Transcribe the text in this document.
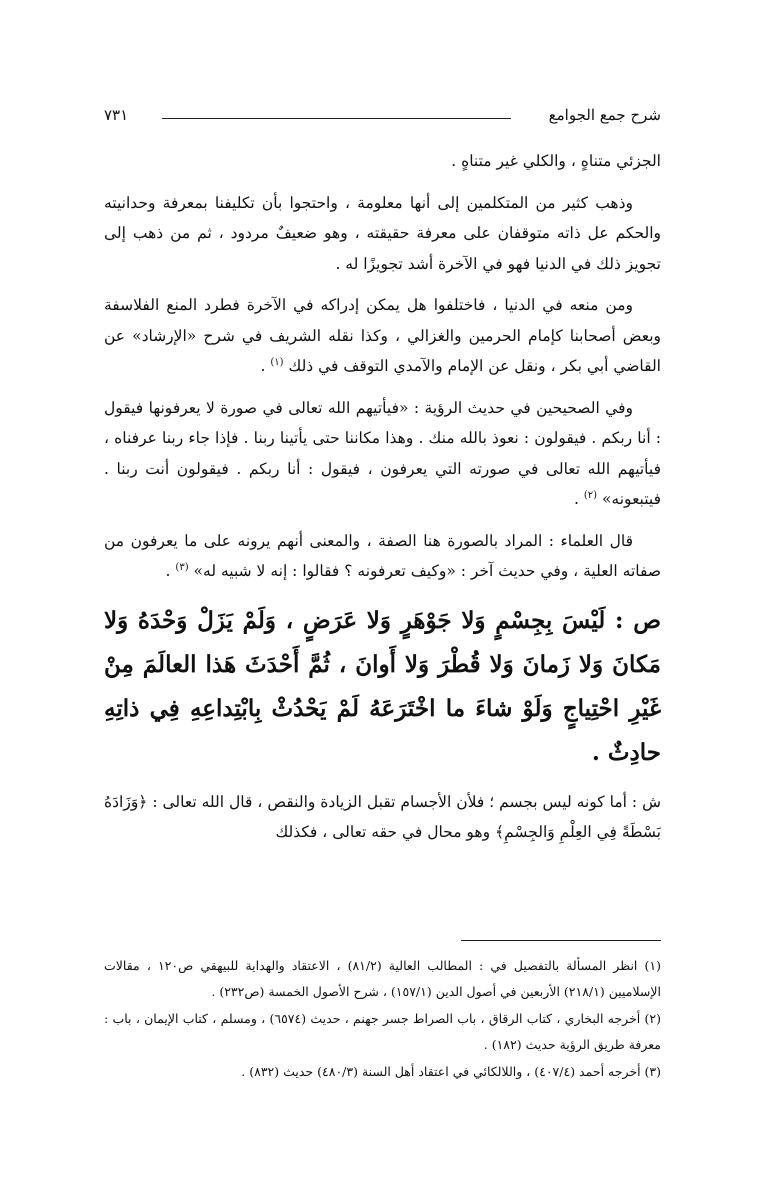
شرح جمع الجوامع
٧٣١

الجزئي متناهٍ ، والكلي غير متناهٍ .

وذهب كثير من المتكلمين إلى أنها معلومة ، واحتجوا بأن تكليفنا بمعرفة وحدانيته والحكم عل ذاته متوقفان على معرفة حقيقته ، وهو ضعيفٌ مردود ، ثم من ذهب إلى تجويز ذلك في الدنيا فهو في الآخرة أشد تجويزًا له .

ومن منعه في الدنيا ، فاختلفوا هل يمكن إدراكه في الآخرة فطرد المنع الفلاسفة وبعض أصحابنا كإمام الحرمين والغزالي ، وكذا نقله الشريف في شرح «الإرشاد» عن القاضي أبي بكر ، ونقل عن الإمام والآمدي التوقف في ذلك $^{(١)}$ .

وفي الصحيحين في حديث الرؤية : «فيأتيهم الله تعالى في صورة لا يعرفونها فيقول : أنا ربكم . فيقولون : نعوذ بالله منك . وهذا مكاننا حتى يأتينا ربنا . فإذا جاء ربنا عرفناه ، فيأتيهم الله تعالى في صورته التي يعرفون ، فيقول : أنا ربكم . فيقولون أنت ربنا . فيتبعونه» $^{(٢)}$ .

قال العلماء : المراد بالصورة هنا الصفة ، والمعنى أنهم يرونه على ما يعرفون من صفاته العلية ، وفي حديث آخر : «وكيف تعرفونه ؟ فقالوا : إنه لا شبيه له» $^{(٣)}$ .

ص : لَيْسَ بِجِسْمٍ وَلا جَوْهَرٍ وَلا عَرَضٍ ، وَلَمْ يَزَلْ وَحْدَهُ وَلا مَكانَ وَلا زَمانَ وَلا قُطْرَ وَلا أَوانَ ، ثُمَّ أَحْدَثَ هَذا العالَمَ مِنْ غَيْرِ احْتِياجٍ وَلَوْ شاءَ ما اخْتَرَعَهُ لَمْ يَحْدُثْ بِابْتِداعِهِ فِي ذاتِهِ حادِثٌ .

ش : أما كونه ليس بجسم ؛ فلأن الأجسام تقبل الزيادة والنقص ، قال الله تعالى : ﴿وَزَادَهُ بَسْطَةً فِي العِلْمِ وَالجِسْمِ﴾ وهو محال في حقه تعالى ، فكذلك

(١) انظر المسألة بالتفصيل في : المطالب العالية (٨١/٢) ، الاعتقاد والهداية للبيهقي ص١٢٠ ، مقالات الإسلاميين (٢١٨/١) الأربعين في أصول الدين (١٥٧/١) ، شرح الأصول الخمسة (ص٢٣٢) .

(٢) أخرجه البخاري ، كتاب الرقاق ، باب الصراط جسر جهنم ، حديث (٦٥٧٤) ، ومسلم ، كتاب الإيمان ، باب : معرفة طريق الرؤية حديث (١٨٢) .

(٣) أخرجه أحمد (٤٠٧/٤) ، واللالكائي في اعتقاد أهل السنة (٤٨٠/٣) حديث (٨٣٢) .
